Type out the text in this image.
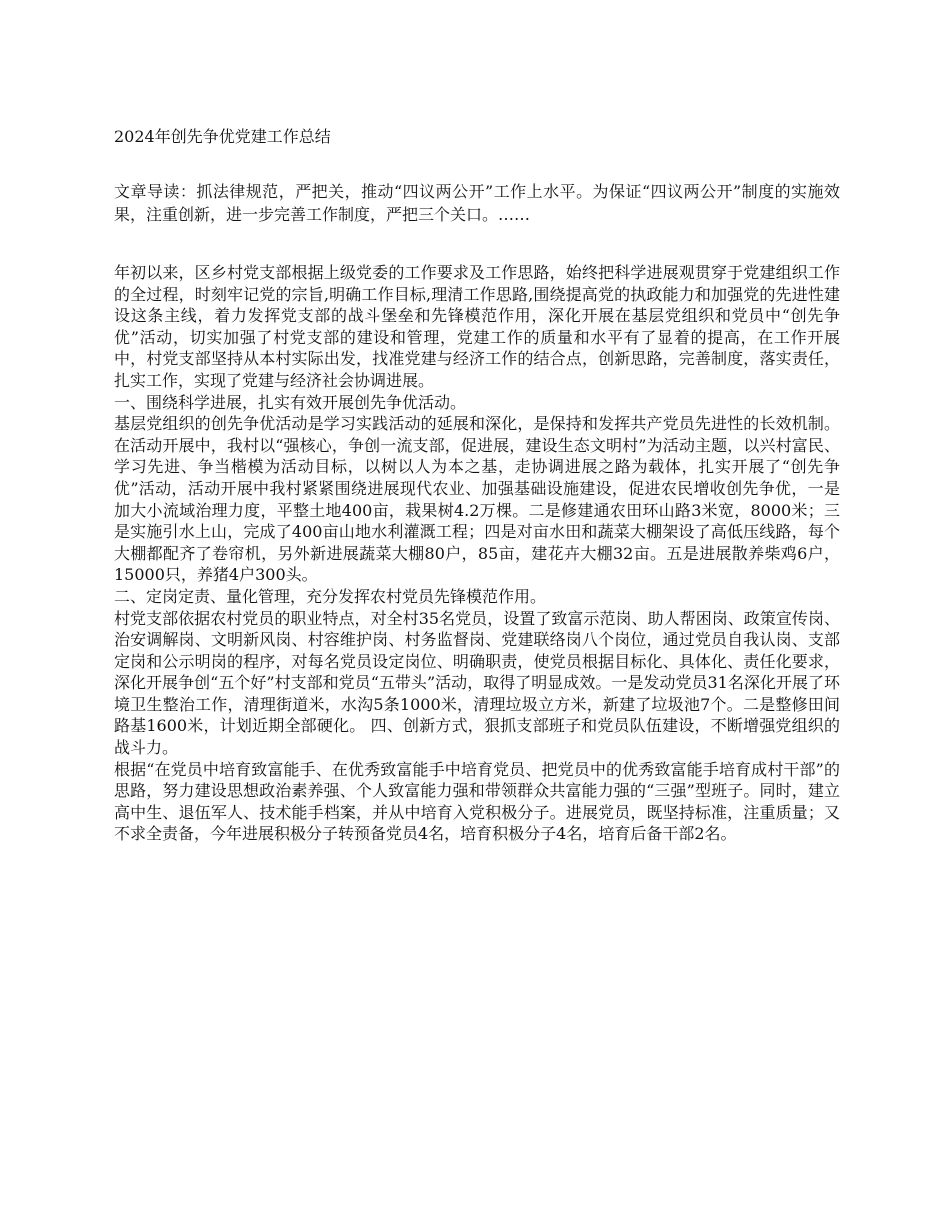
2024年创先争优党建工作总结
文章导读：抓法律规范，严把关，推动“四议两公开”工作上水平。为保证“四议两公开”制度的实施效果，注重创新，进一步完善工作制度，严把三个关口。……

年初以来，区乡村党支部根据上级党委的工作要求及工作思路，始终把科学进展观贯穿于党建组织工作的全过程，时刻牢记党的宗旨,明确工作目标,理清工作思路,围绕提高党的执政能力和加强党的先进性建设这条主线，着力发挥党支部的战斗堡垒和先锋模范作用，深化开展在基层党组织和党员中“创先争优”活动，切实加强了村党支部的建设和管理，党建工作的质量和水平有了显着的提高，在工作开展中，村党支部坚持从本村实际出发，找准党建与经济工作的结合点，创新思路，完善制度，落实责任，扎实工作，实现了党建与经济社会协调进展。

一、围绕科学进展，扎实有效开展创先争优活动。

基层党组织的创先争优活动是学习实践活动的延展和深化，是保持和发挥共产党员先进性的长效机制。在活动开展中，我村以“强核心，争创一流支部，促进展，建设生态文明村”为活动主题，以兴村富民、学习先进、争当楷模为活动目标，以树以人为本之基，走协调进展之路为载体，扎实开展了“创先争优”活动，活动开展中我村紧紧围绕进展现代农业、加强基础设施建设，促进农民增收创先争优，一是加大小流域治理力度，平整土地400亩，栽果树4.2万棵。二是修建通农田环山路3米宽，8000米；三是实施引水上山，完成了400亩山地水利灌溉工程；四是对亩水田和蔬菜大棚架设了高低压线路，每个大棚都配齐了卷帘机，另外新进展蔬菜大棚80户，85亩，建花卉大棚32亩。五是进展散养柴鸡6户，15000只，养猪4户300头。

二、定岗定责、量化管理，充分发挥农村党员先锋模范作用。

村党支部依据农村党员的职业特点，对全村35名党员，设置了致富示范岗、助人帮困岗、政策宣传岗、治安调解岗、文明新风岗、村容维护岗、村务监督岗、党建联络岗八个岗位，通过党员自我认岗、支部定岗和公示明岗的程序，对每名党员设定岗位、明确职责，使党员根据目标化、具体化、责任化要求，深化开展争创“五个好”村支部和党员“五带头”活动，取得了明显成效。一是发动党员31名深化开展了环境卫生整治工作，清理街道米，水沟5条1000米，清理垃圾立方米，新建了垃圾池7个。二是整修田间路基1600米，计划近期全部硬化。 四、创新方式，狠抓支部班子和党员队伍建设，不断增强党组织的战斗力。

根据“在党员中培育致富能手、在优秀致富能手中培育党员、把党员中的优秀致富能手培育成村干部”的思路，努力建设思想政治素养强、个人致富能力强和带领群众共富能力强的“三强”型班子。同时，建立高中生、退伍军人、技术能手档案，并从中培育入党积极分子。进展党员，既坚持标准，注重质量；又不求全责备，今年进展积极分子转预备党员4名，培育积极分子4名，培育后备干部2名。
